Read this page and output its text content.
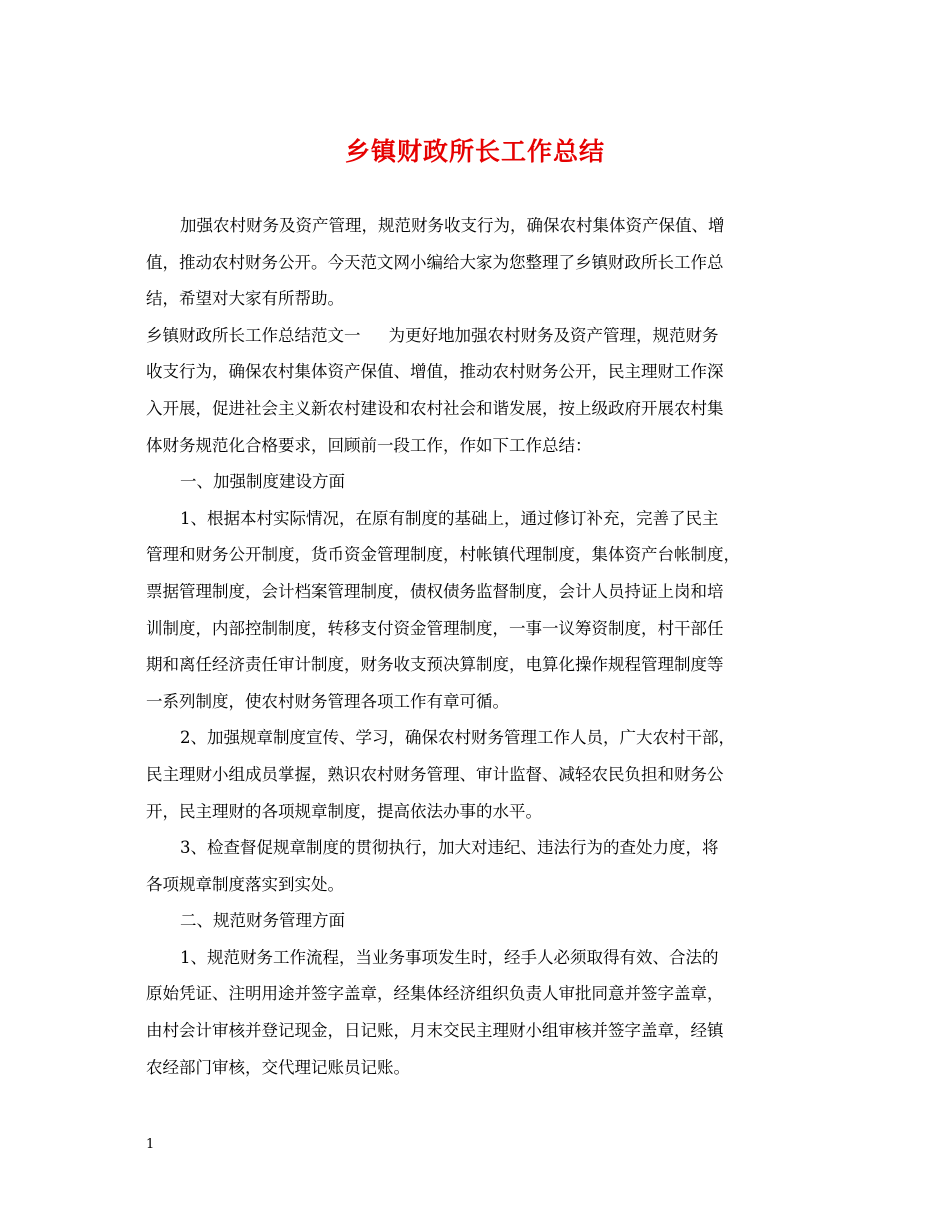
乡镇财政所长工作总结
加强农村财务及资产管理，规范财务收支行为，确保农村集体资产保值、增
值，推动农村财务公开。今天范文网小编给大家为您整理了乡镇财政所长工作总
结，希望对大家有所帮助。
乡镇财政所长工作总结范文一 为更好地加强农村财务及资产管理，规范财务
收支行为，确保农村集体资产保值、增值，推动农村财务公开，民主理财工作深
入开展，促进社会主义新农村建设和农村社会和谐发展，按上级政府开展农村集
体财务规范化合格要求，回顾前一段工作，作如下工作总结：
一、加强制度建设方面
1、根据本村实际情况，在原有制度的基础上，通过修订补充，完善了民主
管理和财务公开制度，货币资金管理制度，村帐镇代理制度，集体资产台帐制度，
票据管理制度，会计档案管理制度，债权债务监督制度，会计人员持证上岗和培
训制度，内部控制制度，转移支付资金管理制度，一事一议筹资制度，村干部任
期和离任经济责任审计制度，财务收支预决算制度，电算化操作规程管理制度等
一系列制度，使农村财务管理各项工作有章可循。
2、加强规章制度宣传、学习，确保农村财务管理工作人员，广大农村干部，
民主理财小组成员掌握，熟识农村财务管理、审计监督、减轻农民负担和财务公
开，民主理财的各项规章制度，提高依法办事的水平。
3、检查督促规章制度的贯彻执行，加大对违纪、违法行为的查处力度，将
各项规章制度落实到实处。
二、规范财务管理方面
1、规范财务工作流程，当业务事项发生时，经手人必须取得有效、合法的
原始凭证、注明用途并签字盖章，经集体经济组织负责人审批同意并签字盖章，
由村会计审核并登记现金，日记账，月末交民主理财小组审核并签字盖章，经镇
农经部门审核，交代理记账员记账。
1
